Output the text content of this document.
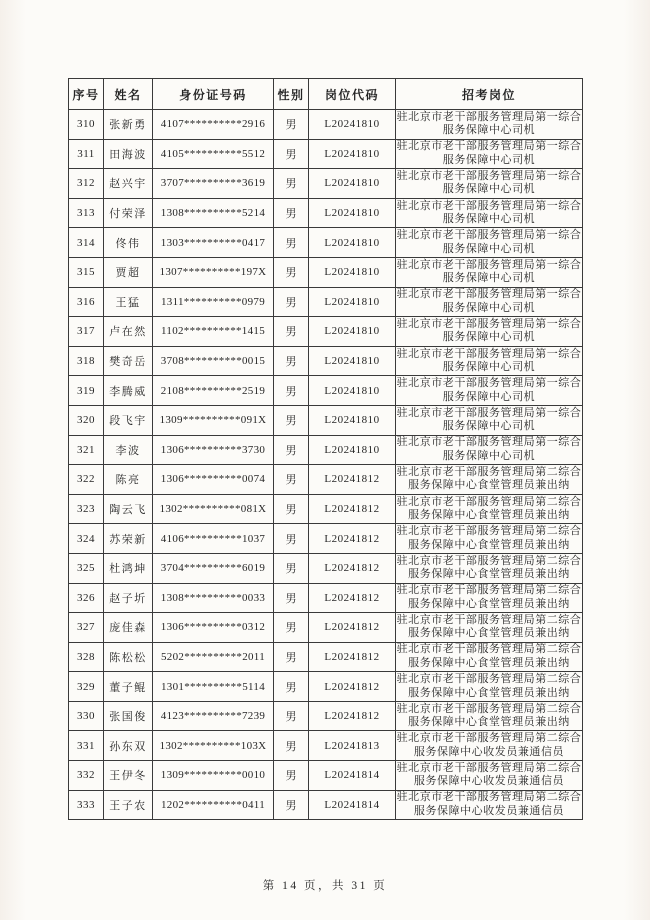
序号	姓名	身份证号码	性别	岗位代码	招考岗位
310	张新勇	4107**********2916	男	L20241810	驻北京市老干部服务管理局第一综合服务保障中心司机
311	田海波	4105**********5512	男	L20241810	驻北京市老干部服务管理局第一综合服务保障中心司机
312	赵兴宇	3707**********3619	男	L20241810	驻北京市老干部服务管理局第一综合服务保障中心司机
313	付荣泽	1308**********5214	男	L20241810	驻北京市老干部服务管理局第一综合服务保障中心司机
314	佟伟	1303**********0417	男	L20241810	驻北京市老干部服务管理局第一综合服务保障中心司机
315	贾超	1307**********197X	男	L20241810	驻北京市老干部服务管理局第一综合服务保障中心司机
316	王猛	1311**********0979	男	L20241810	驻北京市老干部服务管理局第一综合服务保障中心司机
317	卢在然	1102**********1415	男	L20241810	驻北京市老干部服务管理局第一综合服务保障中心司机
318	樊奇岳	3708**********0015	男	L20241810	驻北京市老干部服务管理局第一综合服务保障中心司机
319	李腾威	2108**********2519	男	L20241810	驻北京市老干部服务管理局第一综合服务保障中心司机
320	段飞宇	1309**********091X	男	L20241810	驻北京市老干部服务管理局第一综合服务保障中心司机
321	李波	1306**********3730	男	L20241810	驻北京市老干部服务管理局第一综合服务保障中心司机
322	陈亮	1306**********0074	男	L20241812	驻北京市老干部服务管理局第二综合服务保障中心食堂管理员兼出纳
323	陶云飞	1302**********081X	男	L20241812	驻北京市老干部服务管理局第二综合服务保障中心食堂管理员兼出纳
324	苏荣新	4106**********1037	男	L20241812	驻北京市老干部服务管理局第二综合服务保障中心食堂管理员兼出纳
325	杜鸿坤	3704**********6019	男	L20241812	驻北京市老干部服务管理局第二综合服务保障中心食堂管理员兼出纳
326	赵子圻	1308**********0033	男	L20241812	驻北京市老干部服务管理局第二综合服务保障中心食堂管理员兼出纳
327	庞佳森	1306**********0312	男	L20241812	驻北京市老干部服务管理局第二综合服务保障中心食堂管理员兼出纳
328	陈松松	5202**********2011	男	L20241812	驻北京市老干部服务管理局第二综合服务保障中心食堂管理员兼出纳
329	董子鲲	1301**********5114	男	L20241812	驻北京市老干部服务管理局第二综合服务保障中心食堂管理员兼出纳
330	张国俊	4123**********7239	男	L20241812	驻北京市老干部服务管理局第二综合服务保障中心食堂管理员兼出纳
331	孙东双	1302**********103X	男	L20241813	驻北京市老干部服务管理局第二综合服务保障中心收发员兼通信员
332	王伊冬	1309**********0010	男	L20241814	驻北京市老干部服务管理局第二综合服务保障中心收发员兼通信员
333	王子农	1202**********0411	男	L20241814	驻北京市老干部服务管理局第二综合服务保障中心收发员兼通信员
第 14 页，共 31 页
